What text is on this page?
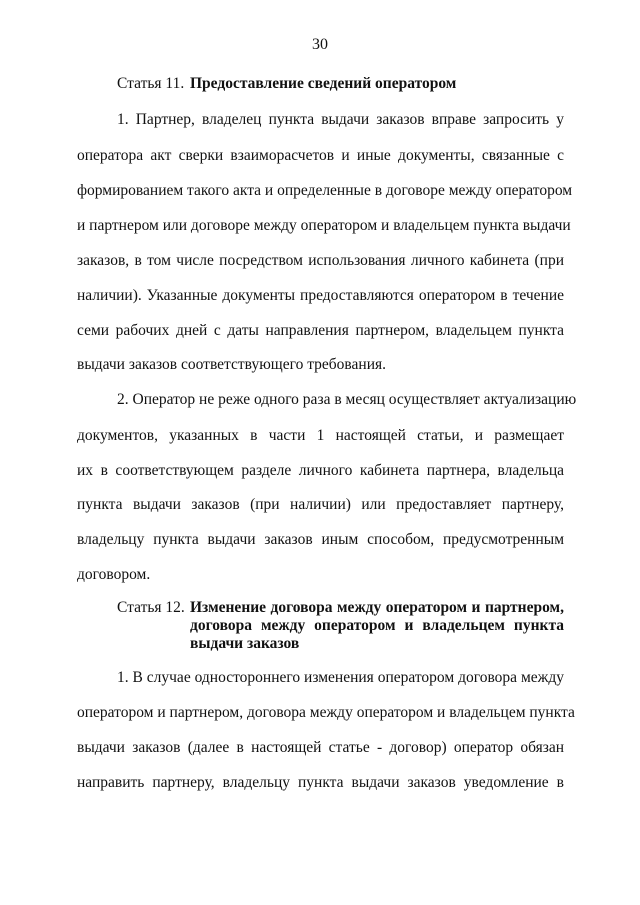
30
Статья 11. Предоставление сведений оператором
1. Партнер, владелец пункта выдачи заказов вправе запросить у
оператора акт сверки взаиморасчетов и иные документы, связанные с
формированием такого акта и определенные в договоре между оператором
и партнером или договоре между оператором и владельцем пункта выдачи
заказов, в том числе посредством использования личного кабинета (при
наличии). Указанные документы предоставляются оператором в течение
семи рабочих дней с даты направления партнером, владельцем пункта
выдачи заказов соответствующего требования.
2. Оператор не реже одного раза в месяц осуществляет актуализацию
документов, указанных в части 1 настоящей статьи, и размещает
их в соответствующем разделе личного кабинета партнера, владельца
пункта выдачи заказов (при наличии) или предоставляет партнеру,
владельцу пункта выдачи заказов иным способом, предусмотренным
договором.
Статья 12. Изменение договора между оператором и партнером,
договора между оператором и владельцем пункта
выдачи заказов
1. В случае одностороннего изменения оператором договора между
оператором и партнером, договора между оператором и владельцем пункта
выдачи заказов (далее в настоящей статье - договор) оператор обязан
направить партнеру, владельцу пункта выдачи заказов уведомление в
